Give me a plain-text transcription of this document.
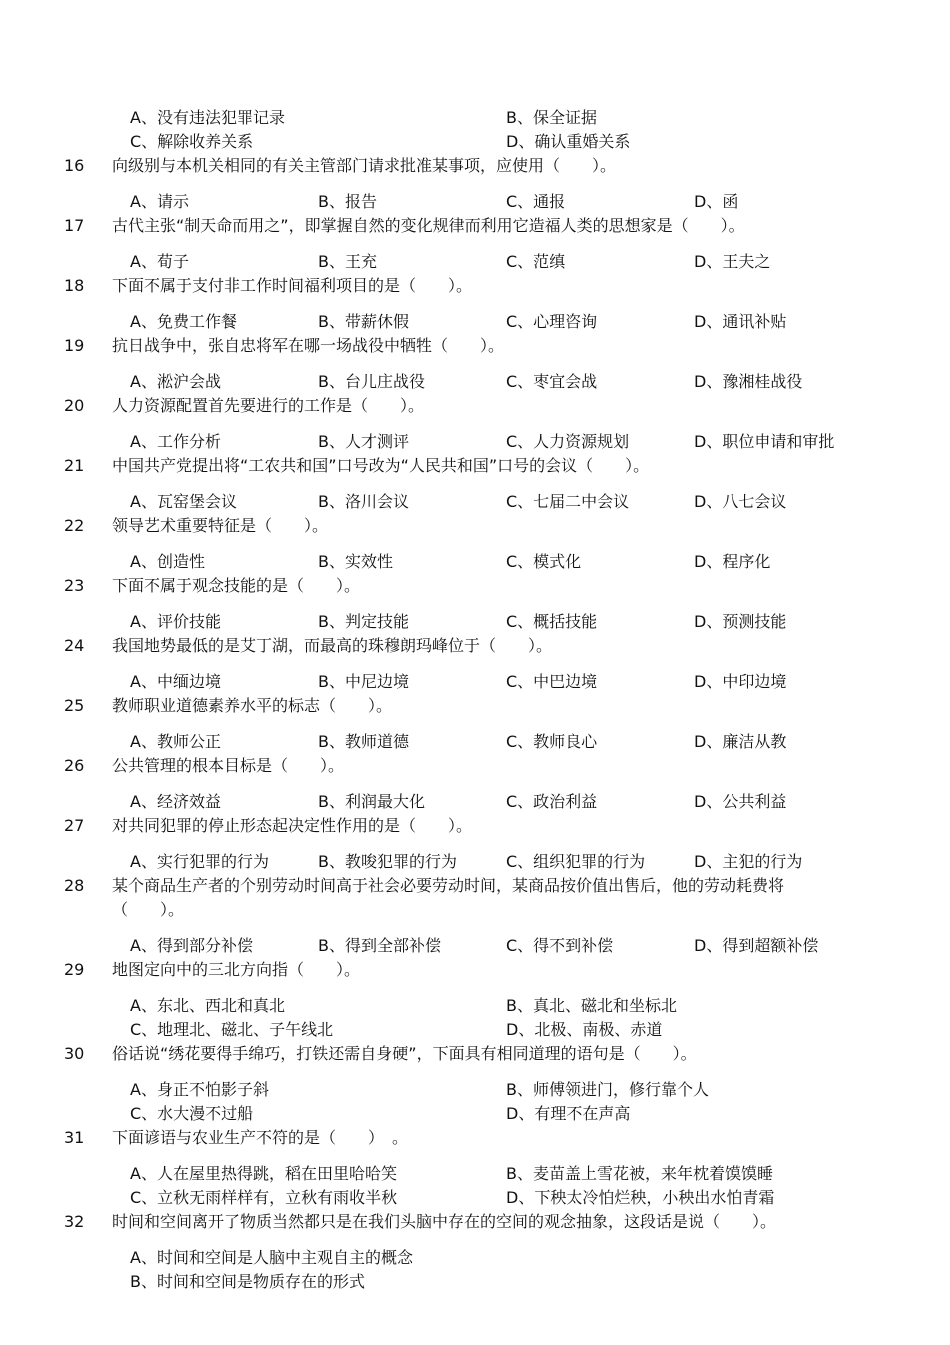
A、没有违法犯罪记录	B、保全证据
C、解除收养关系	D、确认重婚关系
16	向级别与本机关相同的有关主管部门请求批准某事项，应使用（　　）。
A、请示	B、报告	C、通报	D、函
17	古代主张“制天命而用之”，即掌握自然的变化规律而利用它造福人类的思想家是（　　）。
A、荀子	B、王充	C、范缜	D、王夫之
18	下面不属于支付非工作时间福利项目的是（　　）。
A、免费工作餐	B、带薪休假	C、心理咨询	D、通讯补贴
19	抗日战争中，张自忠将军在哪一场战役中牺牲（　　）。
A、淞沪会战	B、台儿庄战役	C、枣宜会战	D、豫湘桂战役
20	人力资源配置首先要进行的工作是（　　）。
A、工作分析	B、人才测评	C、人力资源规划	D、职位申请和审批
21	中国共产党提出将“工农共和国”口号改为“人民共和国”口号的会议（　　）。
A、瓦窑堡会议	B、洛川会议	C、七届二中会议	D、八七会议
22	领导艺术重要特征是（　　）。
A、创造性	B、实效性	C、模式化	D、程序化
23	下面不属于观念技能的是（　　）。
A、评价技能	B、判定技能	C、概括技能	D、预测技能
24	我国地势最低的是艾丁湖，而最高的珠穆朗玛峰位于（　　）。
A、中缅边境	B、中尼边境	C、中巴边境	D、中印边境
25	教师职业道德素养水平的标志（　　）。
A、教师公正	B、教师道德	C、教师良心	D、廉洁从教
26	公共管理的根本目标是（　　）。
A、经济效益	B、利润最大化	C、政治利益	D、公共利益
27	对共同犯罪的停止形态起决定性作用的是（　　）。
A、实行犯罪的行为	B、教唆犯罪的行为	C、组织犯罪的行为	D、主犯的行为
28	某个商品生产者的个别劳动时间高于社会必要劳动时间，某商品按价值出售后，他的劳动耗费将（　　）。
A、得到部分补偿	B、得到全部补偿	C、得不到补偿	D、得到超额补偿
29	地图定向中的三北方向指（　　）。
A、东北、西北和真北	B、真北、磁北和坐标北
C、地理北、磁北、子午线北	D、北极、南极、赤道
30	俗话说“绣花要得手绵巧，打铁还需自身硬”，下面具有相同道理的语句是（　　）。
A、身正不怕影子斜	B、师傅领进门，修行靠个人
C、水大漫不过船	D、有理不在声高
31	下面谚语与农业生产不符的是（　　）　。
A、人在屋里热得跳，稻在田里哈哈笑	B、麦苗盖上雪花被，来年枕着馍馍睡
C、立秋无雨样样有，立秋有雨收半秋	D、下秧太冷怕烂秧，小秧出水怕青霜
32	时间和空间离开了物质当然都只是在我们头脑中存在的空间的观念抽象，这段话是说（　　）。
A、时间和空间是人脑中主观自主的概念
B、时间和空间是物质存在的形式
